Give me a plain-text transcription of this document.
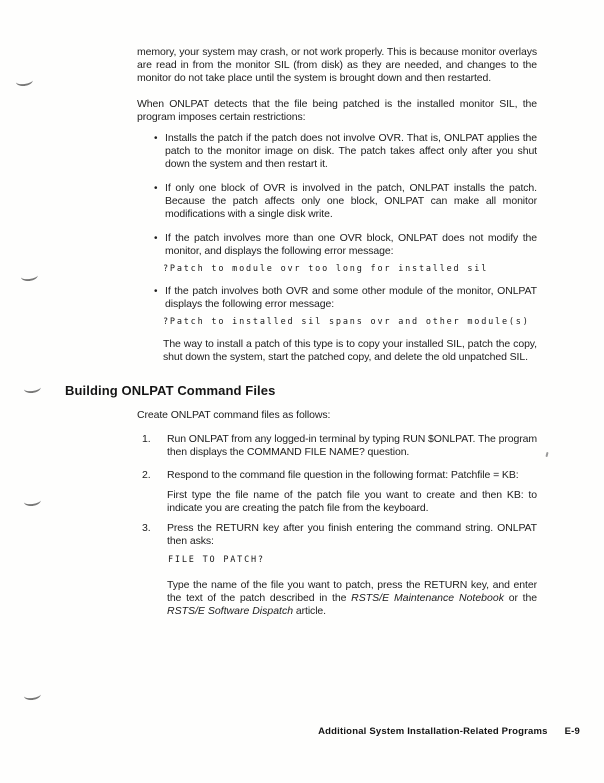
memory, your system may crash, or not work properly. This is because monitor overlays are read in from the monitor SIL (from disk) as they are needed, and changes to the monitor do not take place until the system is brought down and then restarted.

When ONLPAT detects that the file being patched is the installed monitor SIL, the program imposes certain restrictions:

• Installs the patch if the patch does not involve OVR. That is, ONLPAT applies the patch to the monitor image on disk. The patch takes affect only after you shut down the system and then restart it.
• If only one block of OVR is involved in the patch, ONLPAT installs the patch. Because the patch affects only one block, ONLPAT can make all monitor modifications with a single disk write.
• If the patch involves more than one OVR block, ONLPAT does not modify the monitor, and displays the following error message:
?Patch to module ovr too long for installed sil
• If the patch involves both OVR and some other module of the monitor, ONLPAT displays the following error message:
?Patch to installed sil spans ovr and other module(s)

The way to install a patch of this type is to copy your installed SIL, patch the copy, shut down the system, start the patched copy, and delete the old unpatched SIL.

Building ONLPAT Command Files

Create ONLPAT command files as follows:

1.	Run ONLPAT from any logged-in terminal by typing RUN $ONLPAT. The program then displays the COMMAND FILE NAME? question.
2.	Respond to the command file question in the following format: Patchfile = KB:

First type the file name of the patch file you want to create and then KB: to indicate you are creating the patch file from the keyboard.

3.	Press the RETURN key after you finish entering the command string. ONLPAT then asks:
FILE TO PATCH?

Type the name of the file you want to patch, press the RETURN key, and enter the text of the patch described in the RSTS/E Maintenance Notebook or the RSTS/E Software Dispatch article.

Additional System Installation-Related Programs E-9
